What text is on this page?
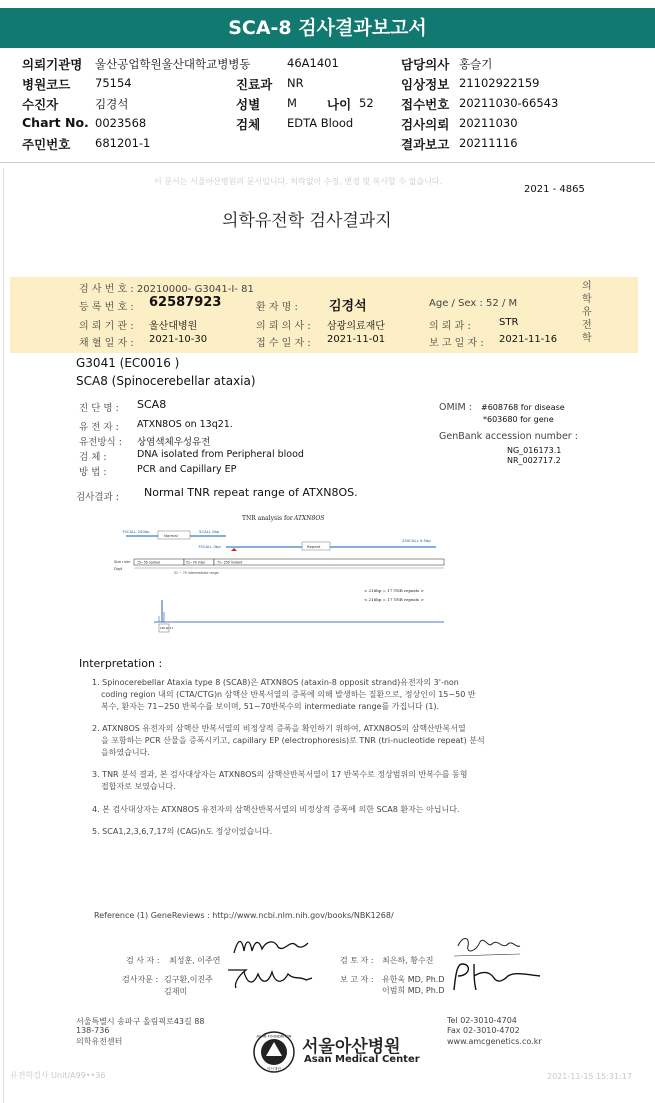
SCA-8 검사결과보고서
의뢰기관명 울산공업학원울산대학교병병동	46A1401	담당의사 홍슬기
병원코드 75154	진료과 NR	임상정보 21102922159
수진자	김경석	성별 M 나이 52 접수번호 20211030-66543
Chart No. 0023568	검체 EDTA Blood	검사의뢰 20211030
주민번호 681201-1	결과보고 20211116
이 문서는 서울아산병원의 문서입니다. 허락없이 수정, 변경 및 복사할 수 없습니다.
2021 - 4865
의학유전학 검사결과지
검 사 번 호 : 20210000- G3041-I- 81
등 록 번 호 : 62587923	환 자 명 : 김경석	Age / Sex : 52 / M
의 뢰 기 관 : 울산대병원	의 뢰 의 사 : 삼광의료재단	의 뢰 과 :	STR
채 혈 일 자 : 2021-10-30	접 수 일 자 : 2021-11-01	보 고 일 자 : 2021-11-16
의학유전학
G3041 (EC0016 )
SCA8 (Spinocerebellar ataxia)
진 단 명 : SCA8
유 전 자 : ATXN8OS on 13q21.
유전방식 : 상염색체우성유전
검 체 :	DNA isolated from Peripheral blood
방 법 :	PCR and Capillary EP
OMIM : #608768 for disease
*603680 for gene
GenBank accession number :
NG_016173.1
NR_002717.2
검사결과 : Normal TNR repeat range of ATXN8OS.
TNR analysis for ATXN8OS
75CALL 200bp	5CALL 0bp
Normal
75CALL 0bp
250CALL 9.5bp
Repeat
Size ruler
Digit
15~50 normal	51~70 inter	71~250 mutant
51 ~ 70 intermediate range
< 216bp = 17 TNR repeats >
< 216bp = 17 TNR repeats >
216 bp 17
Interpretation :
1. Spinocerebellar Ataxia type 8 (SCA8)은 ATXN8OS (ataxin-8 opposit strand)유전자의 3'-non
coding region 내의 (CTA/CTG)n 삼핵산 반복서열의 증폭에 의해 발생하는 질환으로, 정상인이 15~50 반
복수, 환자는 71~250 반복수를 보이며, 51~70반복수의 intermediate range를 가집니다 (1).
2. ATXN8OS 유전자의 삼핵산 반복서열의 비정상적 증폭을 확인하기 위하여, ATXN8OS의 삼핵산반복서열
을 포함하는 PCR 산물을 증폭시키고, capillary EP (electrophoresis)로 TNR (tri-nucleotide repeat) 분석
을하였습니다.
3. TNR 분석 결과, 본 검사대상자는 ATXN8OS의 삼핵산반복서열이 17 반복수로 정상범위의 반복수를 동형
접합자로 보였습니다.
4. 본 검사대상자는 ATXN8OS 유전자의 삼핵산반복서열의 비정상적 증폭에 의한 SCA8 환자는 아닙니다.
5. SCA1,2,3,6,7,17의 (CAG)n도 정상이었습니다.
Reference (1) GeneReviews : http://www.ncbi.nlm.nih.gov/books/NBK1268/
검 사 자 : 최성훈, 이주연	검 토 자 : 최은하, 황수진
검사자문 : 김구환,이진주
김재미
보 고 자 : 유한욱 MD, Ph.D
이범희 MD, Ph.D
서울특별시 송파구 올림픽로43길 88
138-736
의학유전센터
ASAN FOUNDATION
아산재단
서울아산병원
Asan Medical Center
Tel 02-3010-4704
Fax 02-3010-4702
www.amcgenetics.co.kr
유전학검사 Unit/A99••36	2021-11-15 15:31:17
